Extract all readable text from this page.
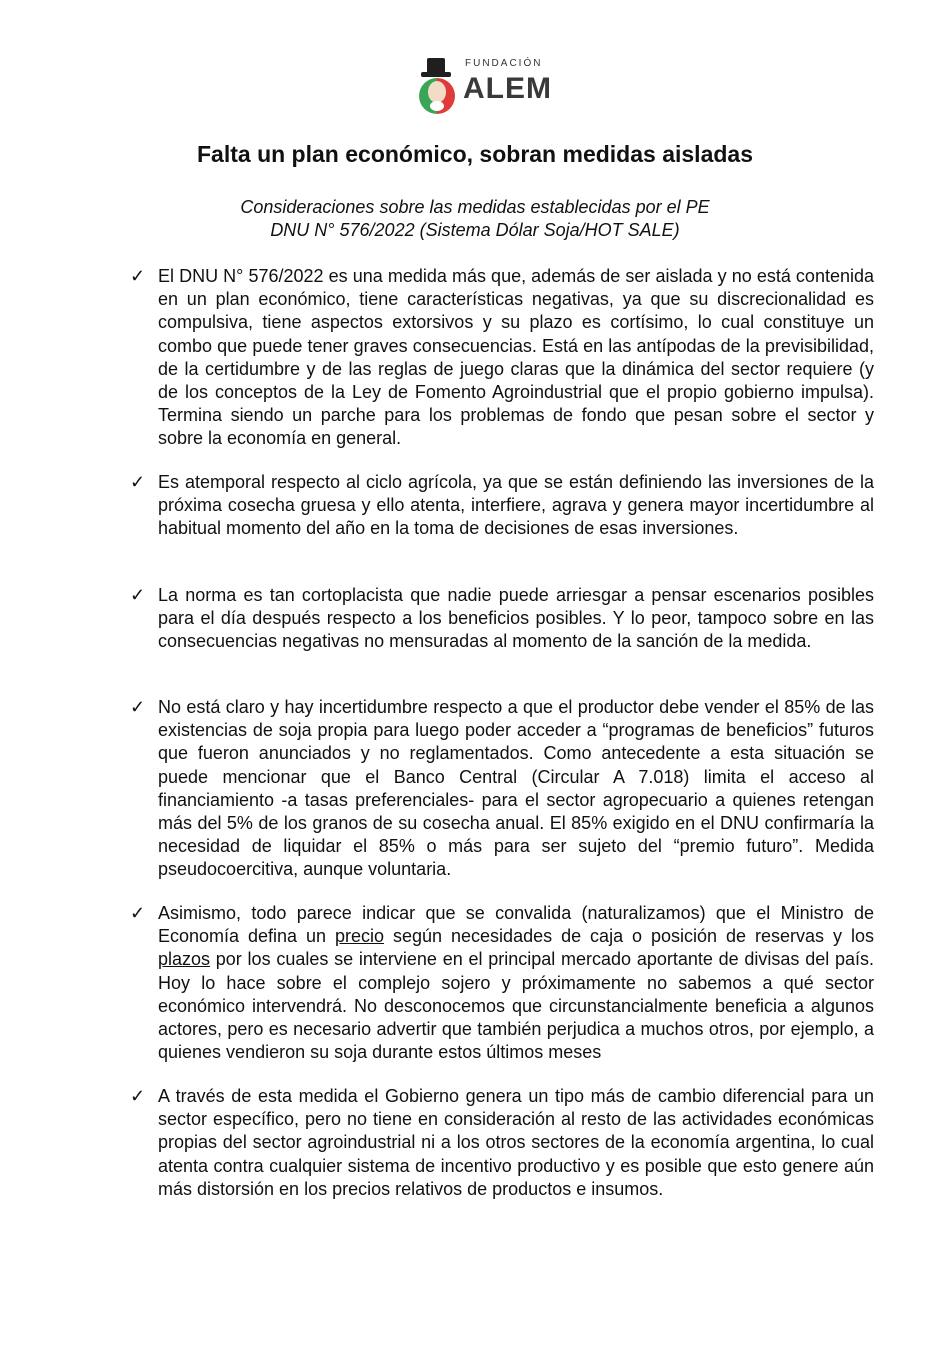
FUNDACIÓN
ALEM
Falta un plan económico, sobran medidas aisladas
Consideraciones sobre las medidas establecidas por el PE
DNU N° 576/2022 (Sistema Dólar Soja/HOT SALE)
✓ El DNU N° 576/2022 es una medida más que, además de ser aislada y no está contenida en un plan económico, tiene características negativas, ya que su discrecionalidad es compulsiva, tiene aspectos extorsivos y su plazo es cortísimo, lo cual constituye un combo que puede tener graves consecuencias. Está en las antípodas de la previsibilidad, de la certidumbre y de las reglas de juego claras que la dinámica del sector requiere (y de los conceptos de la Ley de Fomento Agroindustrial que el propio gobierno impulsa). Termina siendo un parche para los problemas de fondo que pesan sobre el sector y sobre la economía en general.
✓ Es atemporal respecto al ciclo agrícola, ya que se están definiendo las inversiones de la próxima cosecha gruesa y ello atenta, interfiere, agrava y genera mayor incertidumbre al habitual momento del año en la toma de decisiones de esas inversiones.
✓ La norma es tan cortoplacista que nadie puede arriesgar a pensar escenarios posibles para el día después respecto a los beneficios posibles. Y lo peor, tampoco sobre en las consecuencias negativas no mensuradas al momento de la sanción de la medida.
✓ No está claro y hay incertidumbre respecto a que el productor debe vender el 85% de las existencias de soja propia para luego poder acceder a “programas de beneficios” futuros que fueron anunciados y no reglamentados. Como antecedente a esta situación se puede mencionar que el Banco Central (Circular A 7.018) limita el acceso al financiamiento -a tasas preferenciales- para el sector agropecuario a quienes retengan más del 5% de los granos de su cosecha anual. El 85% exigido en el DNU confirmaría la necesidad de liquidar el 85% o más para ser sujeto del “premio futuro”. Medida pseudocoercitiva, aunque voluntaria.
✓ Asimismo, todo parece indicar que se convalida (naturalizamos) que el Ministro de Economía defina un precio según necesidades de caja o posición de reservas y los plazos por los cuales se interviene en el principal mercado aportante de divisas del país. Hoy lo hace sobre el complejo sojero y próximamente no sabemos a qué sector económico intervendrá. No desconocemos que circunstancialmente beneficia a algunos actores, pero es necesario advertir que también perjudica a muchos otros, por ejemplo, a quienes vendieron su soja durante estos últimos meses
✓ A través de esta medida el Gobierno genera un tipo más de cambio diferencial para un sector específico, pero no tiene en consideración al resto de las actividades económicas propias del sector agroindustrial ni a los otros sectores de la economía argentina, lo cual atenta contra cualquier sistema de incentivo productivo y es posible que esto genere aún más distorsión en los precios relativos de productos e insumos.
